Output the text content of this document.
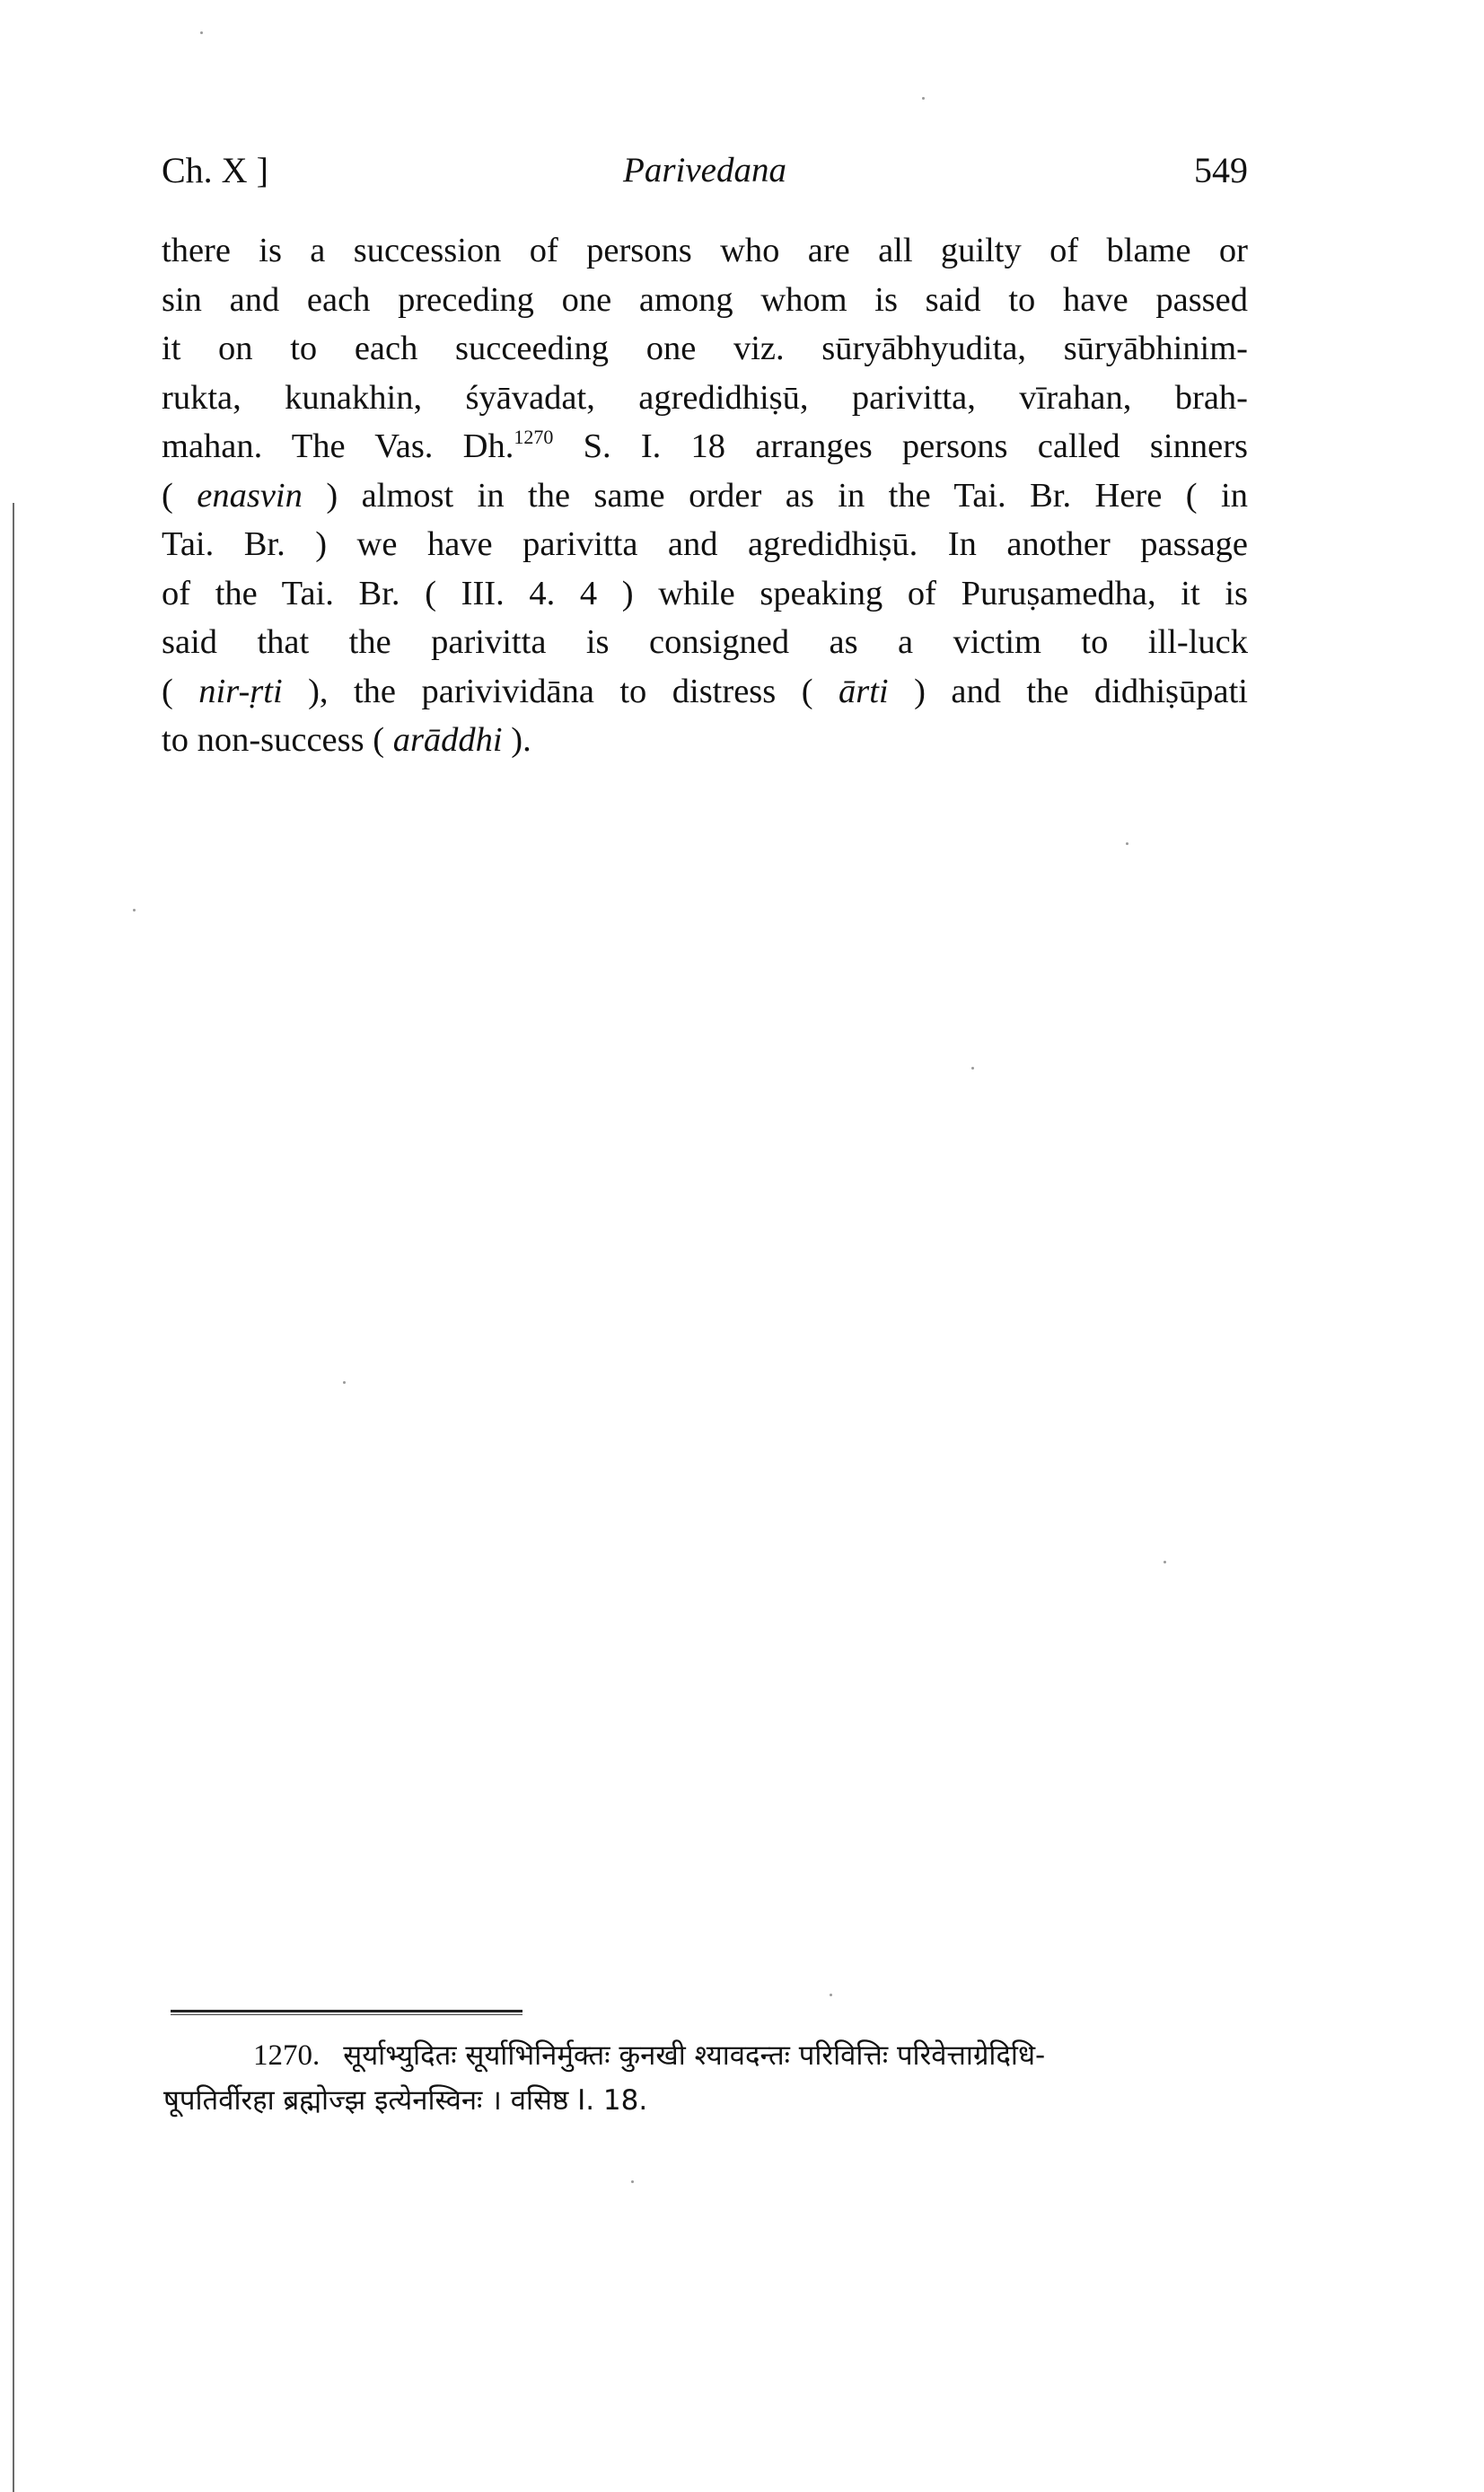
Ch. X ]	Parivedana	549
there is a succession of persons who are all guilty of blame or
sin and each preceding one among whom is said to have passed
it on to each succeeding one viz. sūryābhyudita, sūryābhinim-
rukta, kunakhin, śyāvadat, agredidhiṣū, parivitta, vīrahan, brah-
mahan. The Vas. Dh.$^{1270}$ S. I. 18 arranges persons called sinners
( enasvin ) almost in the same order as in the Tai. Br. Here ( in
Tai. Br. ) we have parivitta and agredidhiṣū. In another passage
of the Tai. Br. ( III. 4. 4 ) while speaking of Puruṣamedha, it is
said that the parivitta is consigned as a victim to ill-luck
( nir-ṛti ), the parivividāna to distress ( ārti ) and the didhiṣūpati
to non-success ( arāddhi ).
1270. सूर्याभ्युदितः सूर्याभिनिर्मुक्तः कुनखी श्यावदन्तः परिवित्तिः परिवेत्ताग्रेदिधि-
षूपतिर्वीरहा ब्रह्मोज्झ इत्येनस्विनः । वसिष्ठ I. 18.
